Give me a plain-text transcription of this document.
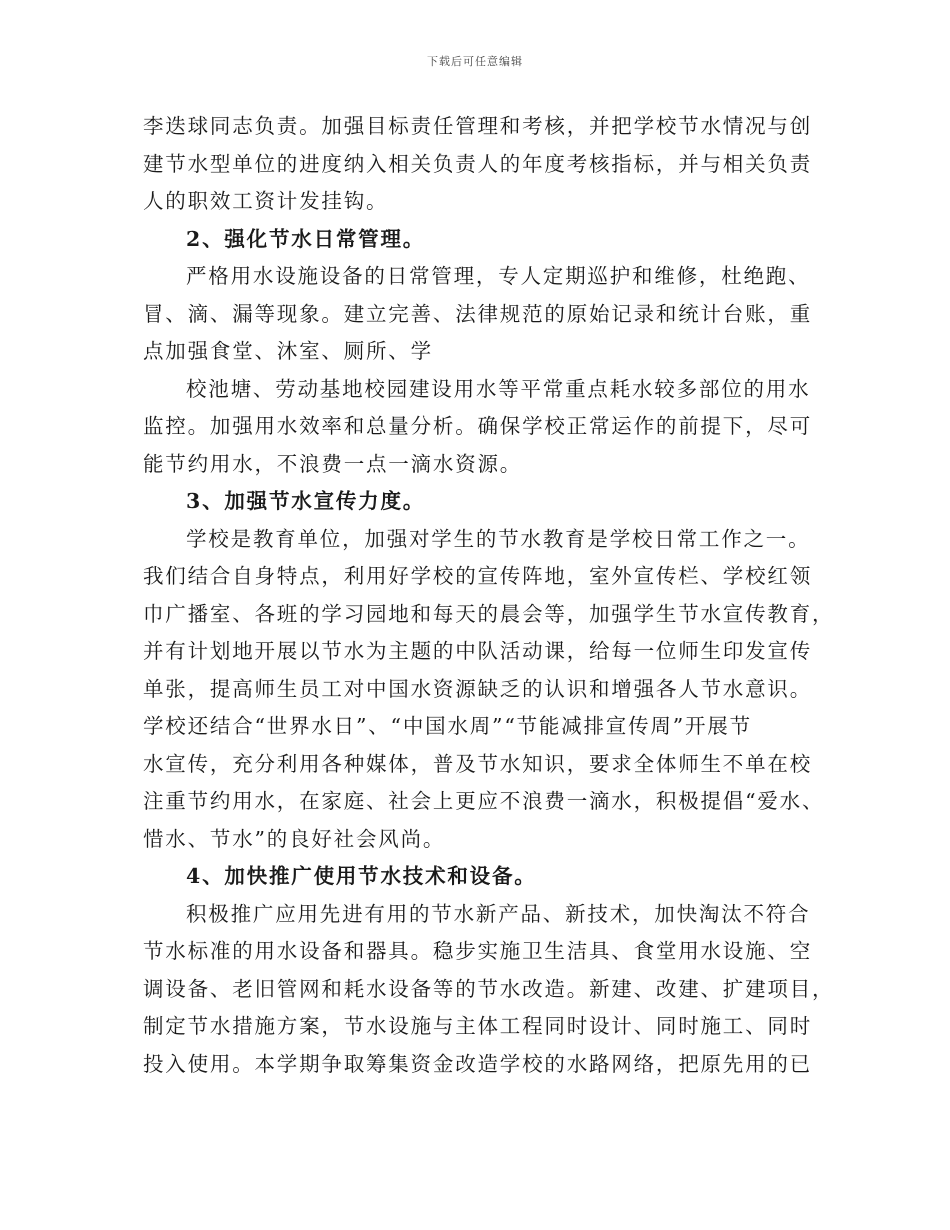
下载后可任意编辑
李迭球同志负责。加强目标责任管理和考核，并把学校节水情况与创
建节水型单位的进度纳入相关负责人的年度考核指标，并与相关负责
人的职效工资计发挂钩。
2、强化节水日常管理。
严格用水设施设备的日常管理，专人定期巡护和维修，杜绝跑、
冒、滴、漏等现象。建立完善、法律规范的原始记录和统计台账，重
点加强食堂、沐室、厕所、学
校池塘、劳动基地校园建设用水等平常重点耗水较多部位的用水
监控。加强用水效率和总量分析。确保学校正常运作的前提下，尽可
能节约用水，不浪费一点一滴水资源。
3、加强节水宣传力度。
学校是教育单位，加强对学生的节水教育是学校日常工作之一。
我们结合自身特点，利用好学校的宣传阵地，室外宣传栏、学校红领
巾广播室、各班的学习园地和每天的晨会等，加强学生节水宣传教育，
并有计划地开展以节水为主题的中队活动课，给每一位师生印发宣传
单张，提高师生员工对中国水资源缺乏的认识和增强各人节水意识。
学校还结合“世界水日”、“中国水周”“节能减排宣传周”开展节
水宣传，充分利用各种媒体，普及节水知识，要求全体师生不单在校
注重节约用水，在家庭、社会上更应不浪费一滴水，积极提倡“爱水、
惜水、节水”的良好社会风尚。
4、加快推广使用节水技术和设备。
积极推广应用先进有用的节水新产品、新技术，加快淘汰不符合
节水标准的用水设备和器具。稳步实施卫生洁具、食堂用水设施、空
调设备、老旧管网和耗水设备等的节水改造。新建、改建、扩建项目，
制定节水措施方案，节水设施与主体工程同时设计、同时施工、同时
投入使用。本学期争取筹集资金改造学校的水路网络，把原先用的已
